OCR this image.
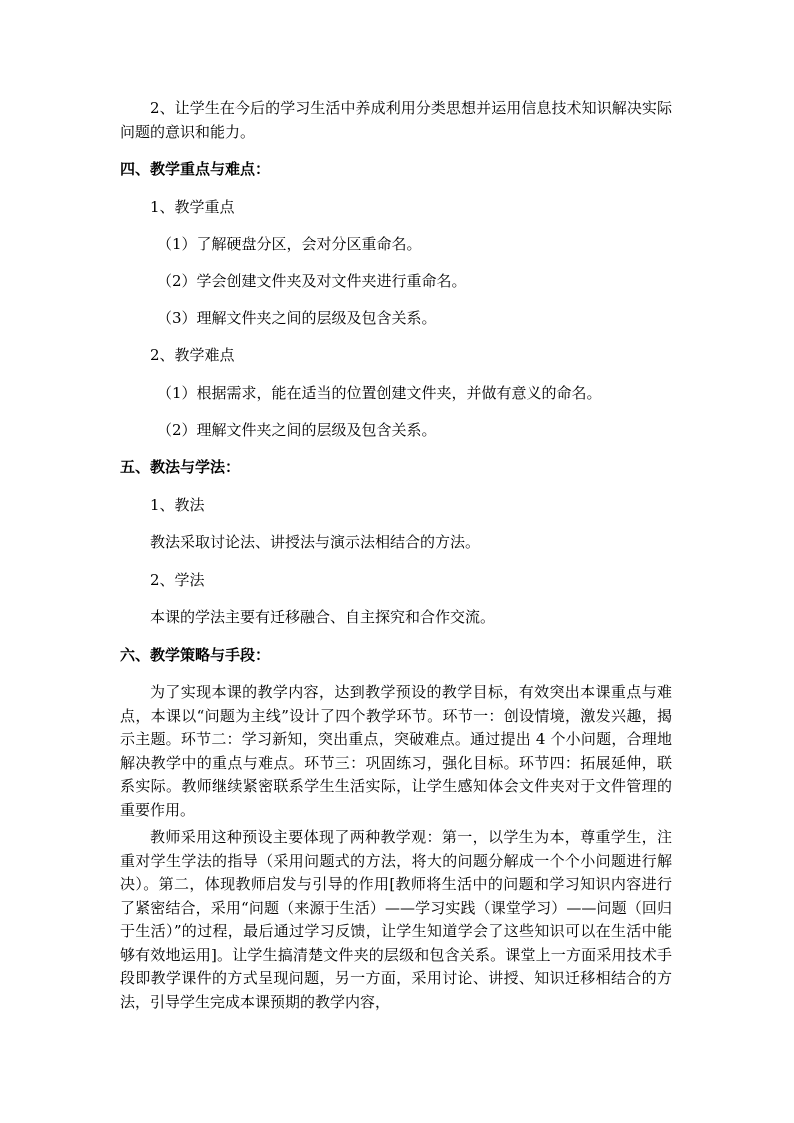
2、让学生在今后的学习生活中养成利用分类思想并运用信息技术知识解决实际问题的意识和能力。
四、教学重点与难点：
1、教学重点
（1）了解硬盘分区，会对分区重命名。
（2）学会创建文件夹及对文件夹进行重命名。
（3）理解文件夹之间的层级及包含关系。
2、教学难点
（1）根据需求，能在适当的位置创建文件夹，并做有意义的命名。
（2）理解文件夹之间的层级及包含关系。
五、教法与学法：
1、教法
教法采取讨论法、讲授法与演示法相结合的方法。
2、学法
本课的学法主要有迁移融合、自主探究和合作交流。
六、教学策略与手段：
为了实现本课的教学内容，达到教学预设的教学目标，有效突出本课重点与难点，本课以“问题为主线”设计了四个教学环节。环节一：创设情境，激发兴趣，揭示主题。环节二：学习新知，突出重点，突破难点。通过提出 4 个小问题，合理地解决教学中的重点与难点。环节三：巩固练习，强化目标。环节四：拓展延伸，联系实际。教师继续紧密联系学生生活实际，让学生感知体会文件夹对于文件管理的重要作用。
教师采用这种预设主要体现了两种教学观：第一，以学生为本，尊重学生，注重对学生学法的指导（采用问题式的方法，将大的问题分解成一个个小问题进行解决）。第二，体现教师启发与引导的作用[教师将生活中的问题和学习知识内容进行了紧密结合，采用“问题（来源于生活）——学习实践（课堂学习）——问题（回归于生活）”的过程，最后通过学习反馈，让学生知道学会了这些知识可以在生活中能够有效地运用]。让学生搞清楚文件夹的层级和包含关系。课堂上一方面采用技术手段即教学课件的方式呈现问题，另一方面，采用讨论、讲授、知识迁移相结合的方法，引导学生完成本课预期的教学内容，
